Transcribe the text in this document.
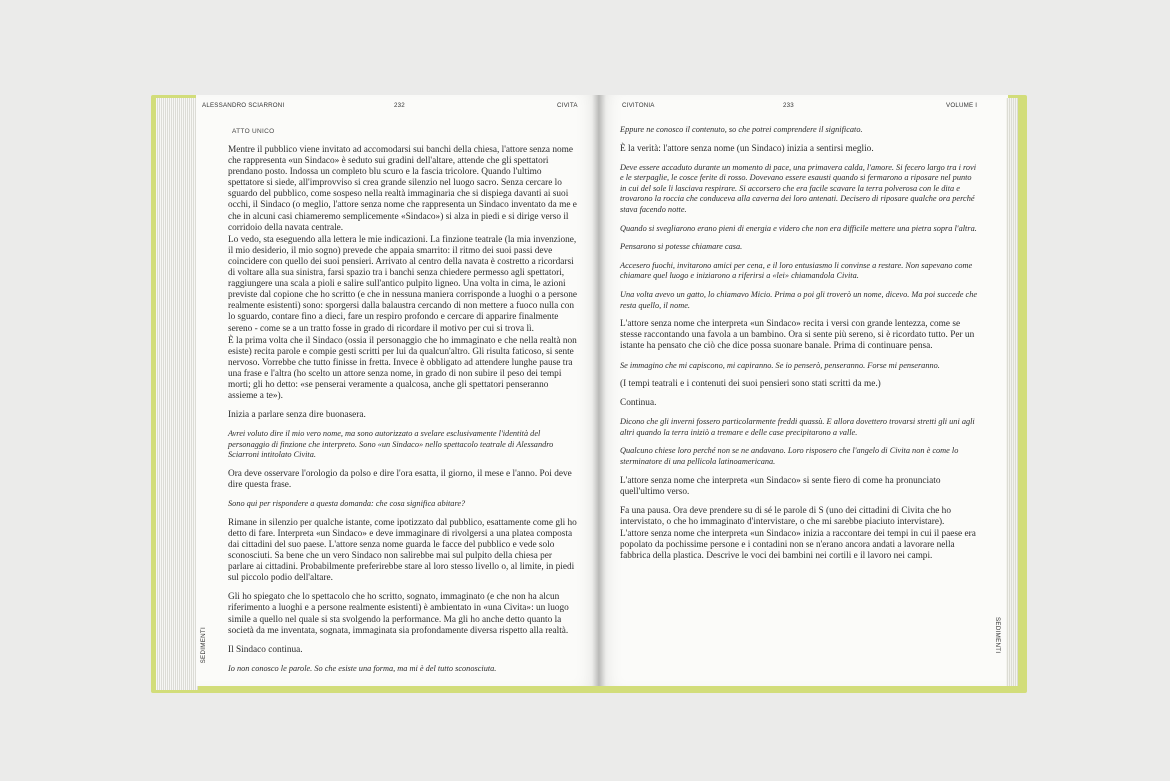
ALESSANDRO SCIARRONI	232	CIVITA
ATTO UNICO
SEDIMENTI

Mentre il pubblico viene invitato ad accomodarsi sui banchi della chiesa, l'attore senza nome che rappresenta «un Sindaco» è seduto sui gradini dell'altare, attende che gli spettatori prendano posto. Indossa un completo blu scuro e la fascia tricolore. Quando l'ultimo spettatore si siede, all'improvviso si crea grande silenzio nel luogo sacro. Senza cercare lo sguardo del pubblico, come sospeso nella realtà immaginaria che si dispiega davanti ai suoi occhi, il Sindaco (o meglio, l'attore senza nome che rappresenta un Sindaco inventato da me e che in alcuni casi chiameremo semplicemente «Sindaco») si alza in piedi e si dirige verso il corridoio della navata centrale.

Lo vedo, sta eseguendo alla lettera le mie indicazioni. La finzione teatrale (la mia invenzione, il mio desiderio, il mio sogno) prevede che appaia smarrito: il ritmo dei suoi passi deve coincidere con quello dei suoi pensieri. Arrivato al centro della navata è costretto a ricordarsi di voltare alla sua sinistra, farsi spazio tra i banchi senza chiedere permesso agli spettatori, raggiungere una scala a pioli e salire sull'antico pulpito ligneo. Una volta in cima, le azioni previste dal copione che ho scritto (e che in nessuna maniera corrisponde a luoghi o a persone realmente esistenti) sono: sporgersi dalla balaustra cercando di non mettere a fuoco nulla con lo sguardo, contare fino a dieci, fare un respiro profondo e cercare di apparire finalmente sereno - come se a un tratto fosse in grado di ricordare il motivo per cui si trova lì.

È la prima volta che il Sindaco (ossia il personaggio che ho immaginato e che nella realtà non esiste) recita parole e compie gesti scritti per lui da qualcun'altro. Gli risulta faticoso, si sente nervoso. Vorrebbe che tutto finisse in fretta. Invece è obbligato ad attendere lunghe pause tra una frase e l'altra (ho scelto un attore senza nome, in grado di non subire il peso dei tempi morti; gli ho detto: «se penserai veramente a qualcosa, anche gli spettatori penseranno assieme a te»).

Inizia a parlare senza dire buonasera.

Avrei voluto dire il mio vero nome, ma sono autorizzato a svelare esclusivamente l'identità del personaggio di finzione che interpreto. Sono «un Sindaco» nello spettacolo teatrale di Alessandro Sciarroni intitolato Civita.

Ora deve osservare l'orologio da polso e dire l'ora esatta, il giorno, il mese e l'anno. Poi deve dire questa frase.

Sono qui per rispondere a questa domanda: che cosa significa abitare?

Rimane in silenzio per qualche istante, come ipotizzato dal pubblico, esattamente come gli ho detto di fare. Interpreta «un Sindaco» e deve immaginare di rivolgersi a una platea composta dai cittadini del suo paese. L'attore senza nome guarda le facce del pubblico e vede solo sconosciuti. Sa bene che un vero Sindaco non salirebbe mai sul pulpito della chiesa per parlare ai cittadini. Probabilmente preferirebbe stare al loro stesso livello o, al limite, in piedi sul piccolo podio dell'altare.

Gli ho spiegato che lo spettacolo che ho scritto, sognato, immaginato (e che non ha alcun riferimento a luoghi e a persone realmente esistenti) è ambientato in «una Civita»: un luogo simile a quello nel quale si sta svolgendo la performance. Ma gli ho anche detto quanto la società da me inventata, sognata, immaginata sia profondamente diversa rispetto alla realtà.

Il Sindaco continua.

Io non conosco le parole. So che esiste una forma, ma mi è del tutto sconosciuta.

CIVITONIA	233	VOLUME I
SEDIMENTI

Eppure ne conosco il contenuto, so che potrei comprendere il significato.

È la verità: l'attore senza nome (un Sindaco) inizia a sentirsi meglio.

Deve essere accaduto durante un momento di pace, una primavera calda, l'amore. Si fecero largo tra i rovi e le sterpaglie, le cosce ferite di rosso. Dovevano essere esausti quando si fermarono a riposare nel punto in cui del sole li lasciava respirare. Si accorsero che era facile scavare la terra polverosa con le dita e trovarono la roccia che conduceva alla caverna dei loro antenati. Decisero di riposare qualche ora perché stava facendo notte.

Quando si svegliarono erano pieni di energia e videro che non era difficile mettere una pietra sopra l'altra.

Pensarono si potesse chiamare casa.

Accesero fuochi, invitarono amici per cena, e il loro entusiasmo li convinse a restare. Non sapevano come chiamare quel luogo e iniziarono a riferirsi a «lei» chiamandola Civita.

Una volta avevo un gatto, lo chiamavo Micio. Prima o poi gli troverò un nome, dicevo. Ma poi succede che resta quello, il nome.

L'attore senza nome che interpreta «un Sindaco» recita i versi con grande lentezza, come se stesse raccontando una favola a un bambino. Ora si sente più sereno, si è ricordato tutto. Per un istante ha pensato che ciò che dice possa suonare banale. Prima di continuare pensa.

Se immagino che mi capiscono, mi capiranno. Se io penserò, penseranno. Forse mi penseranno.

(I tempi teatrali e i contenuti dei suoi pensieri sono stati scritti da me.)

Continua.

Dicono che gli inverni fossero particolarmente freddi quassù. E allora dovettero trovarsi stretti gli uni agli altri quando la terra iniziò a tremare e delle case precipitarono a valle.

Qualcuno chiese loro perché non se ne andavano. Loro risposero che l'angelo di Civita non è come lo sterminatore di una pellicola latinoamericana.

L'attore senza nome che interpreta «un Sindaco» si sente fiero di come ha pronunciato quell'ultimo verso.

Fa una pausa. Ora deve prendere su di sé le parole di S (uno dei cittadini di Civita che ho intervistato, o che ho immaginato d'intervistare, o che mi sarebbe piaciuto intervistare).

L'attore senza nome che interpreta «un Sindaco» inizia a raccontare dei tempi in cui il paese era popolato da pochissime persone e i contadini non se n'erano ancora andati a lavorare nella fabbrica della plastica. Descrive le voci dei bambini nei cortili e il lavoro nei campi.
